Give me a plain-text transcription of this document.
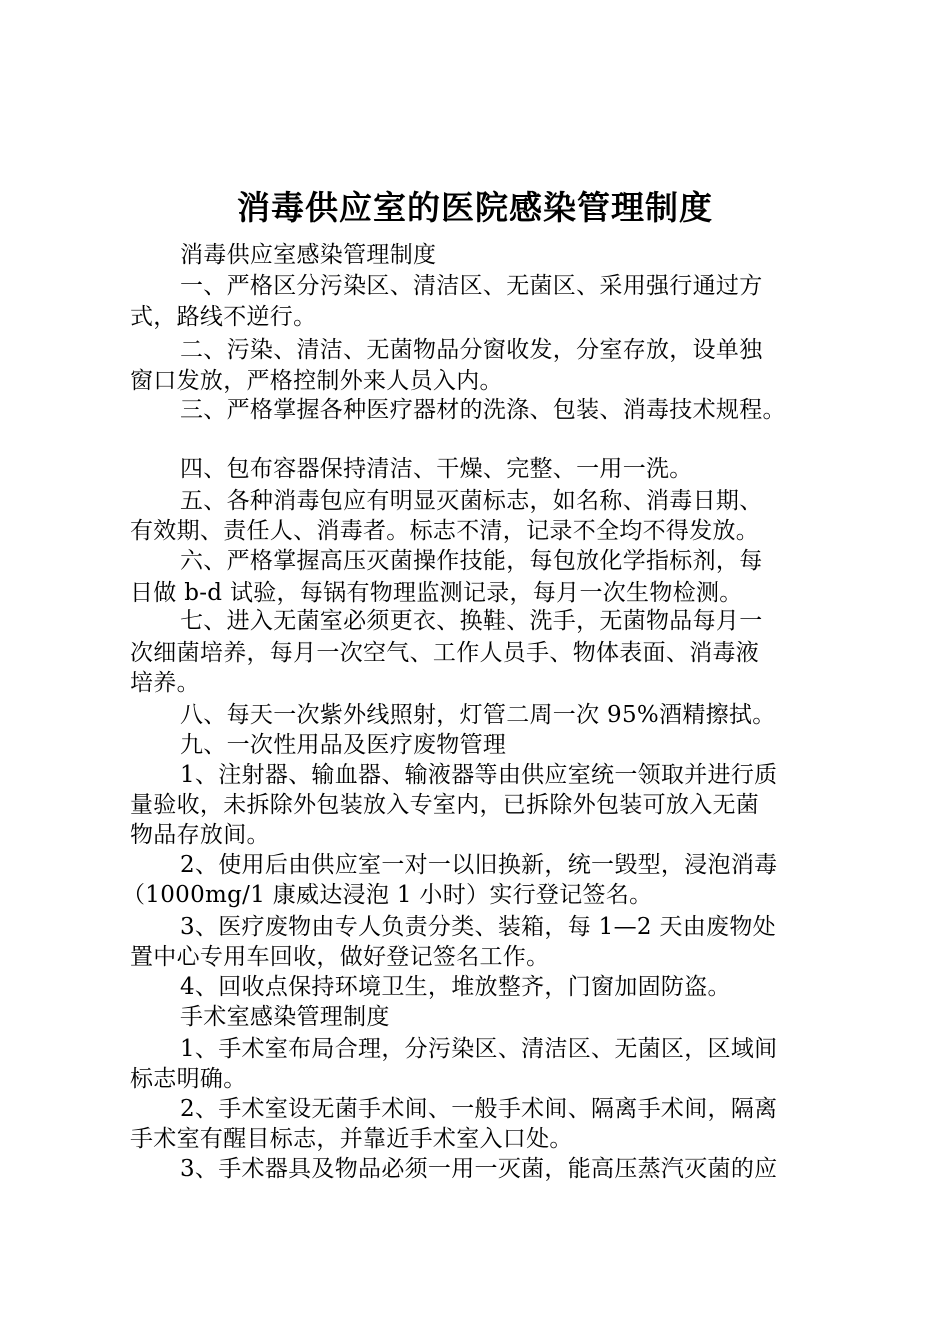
消毒供应室的医院感染管理制度
消毒供应室感染管理制度
一、严格区分污染区、清洁区、无菌区、采用强行通过方
式，路线不逆行。
二、污染、清洁、无菌物品分窗收发，分室存放，设单独
窗口发放，严格控制外来人员入内。
三、严格掌握各种医疗器材的洗涤、包装、消毒技术规程。
四、包布容器保持清洁、干燥、完整、一用一洗。
五、各种消毒包应有明显灭菌标志，如名称、消毒日期、
有效期、责任人、消毒者。标志不清，记录不全均不得发放。
六、严格掌握高压灭菌操作技能，每包放化学指标剂，每
日做 b-d 试验，每锅有物理监测记录，每月一次生物检测。
七、进入无菌室必须更衣、换鞋、洗手，无菌物品每月一
次细菌培养，每月一次空气、工作人员手、物体表面、消毒液
培养。
八、每天一次紫外线照射，灯管二周一次 95%酒精擦拭。
九、一次性用品及医疗废物管理
1、注射器、输血器、输液器等由供应室统一领取并进行质
量验收，未拆除外包装放入专室内，已拆除外包装可放入无菌
物品存放间。
2、使用后由供应室一对一以旧换新，统一毁型，浸泡消毒
（1000mg/1 康威达浸泡 1 小时）实行登记签名。
3、医疗废物由专人负责分类、装箱，每 1—2 天由废物处
置中心专用车回收，做好登记签名工作。
4、回收点保持环境卫生，堆放整齐，门窗加固防盗。
手术室感染管理制度
1、手术室布局合理，分污染区、清洁区、无菌区，区域间
标志明确。
2、手术室设无菌手术间、一般手术间、隔离手术间，隔离
手术室有醒目标志，并靠近手术室入口处。
3、手术器具及物品必须一用一灭菌，能高压蒸汽灭菌的应
